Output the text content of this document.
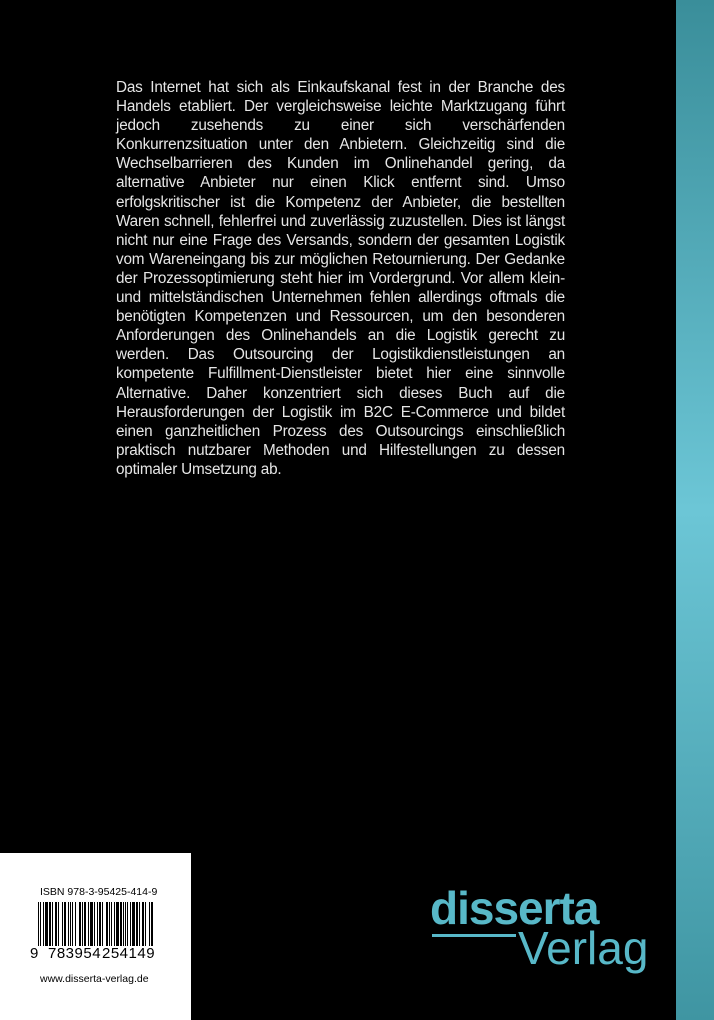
Das Internet hat sich als Einkaufskanal fest in der Branche des Handels etabliert. Der vergleichsweise leichte Marktzugang führt jedoch zusehends zu einer sich verschärfenden Konkurrenzsituation unter den Anbietern. Gleichzeitig sind die Wechselbarrieren des Kunden im Onlinehandel gering, da alternative Anbieter nur einen Klick entfernt sind. Umso erfolgskritischer ist die Kompetenz der Anbieter, die bestellten Waren schnell, fehlerfrei und zuverlässig zuzustellen. Dies ist längst nicht nur eine Frage des Versands, sondern der gesamten Logistik vom Wareneingang bis zur möglichen Retournierung. Der Gedanke der Prozessoptimierung steht hier im Vordergrund. Vor allem klein- und mittelständischen Unternehmen fehlen allerdings oftmals die benötigten Kompetenzen und Ressourcen, um den besonderen Anforderungen des Onlinehandels an die Logistik gerecht zu werden. Das Outsourcing der Logistikdienstleistungen an kompetente Fulfillment-Dienstleister bietet hier eine sinnvolle Alternative. Daher konzentriert sich dieses Buch auf die Herausforderungen der Logistik im B2C E-Commerce und bildet einen ganzheitlichen Prozess des Outsourcings einschließlich praktisch nutzbarer Methoden und Hilfestellungen zu dessen optimaler Umsetzung ab.
ISBN 978-3-95425-414-9
9 783954 254149
www.disserta-verlag.de
disserta
Verlag
